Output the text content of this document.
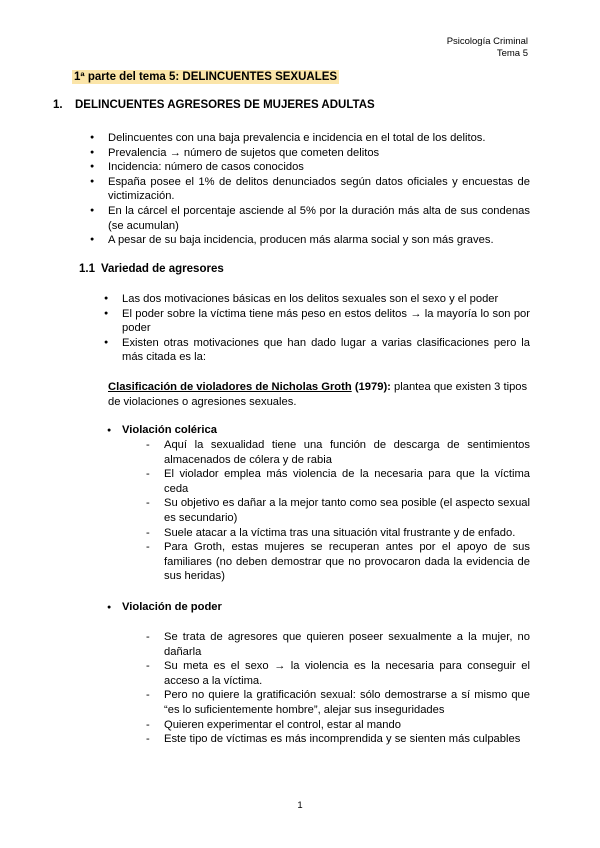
Psicología Criminal
Tema 5
1ª parte del tema 5: DELINCUENTES SEXUALES
1. DELINCUENTES AGRESORES DE MUJERES ADULTAS
● Delincuentes con una baja prevalencia e incidencia en el total de los delitos.
● Prevalencia → número de sujetos que cometen delitos
● Incidencia: número de casos conocidos
● España posee el 1% de delitos denunciados según datos oficiales y encuestas de victimización.
● En la cárcel el porcentaje asciende al 5% por la duración más alta de sus condenas (se acumulan)
● A pesar de su baja incidencia, producen más alarma social y son más graves.
1.1 Variedad de agresores
● Las dos motivaciones básicas en los delitos sexuales son el sexo y el poder
● El poder sobre la víctima tiene más peso en estos delitos → la mayoría lo son por poder
● Existen otras motivaciones que han dado lugar a varias clasificaciones pero la más citada es la:
Clasificación de violadores de Nicholas Groth (1979): plantea que existen 3 tipos de violaciones o agresiones sexuales.
● Violación colérica
- Aquí la sexualidad tiene una función de descarga de sentimientos almacenados de cólera y de rabia
- El violador emplea más violencia de la necesaria para que la víctima ceda
- Su objetivo es dañar a la mejor tanto como sea posible (el aspecto sexual es secundario)
- Suele atacar a la víctima tras una situación vital frustrante y de enfado.
- Para Groth, estas mujeres se recuperan antes por el apoyo de sus familiares (no deben demostrar que no provocaron dada la evidencia de sus heridas)
● Violación de poder
- Se trata de agresores que quieren poseer sexualmente a la mujer, no dañarla
- Su meta es el sexo → la violencia es la necesaria para conseguir el acceso a la víctima.
- Pero no quiere la gratificación sexual: sólo demostrarse a sí mismo que “es lo suficientemente hombre”, alejar sus inseguridades
- Quieren experimentar el control, estar al mando
- Este tipo de víctimas es más incomprendida y se sienten más culpables
1
